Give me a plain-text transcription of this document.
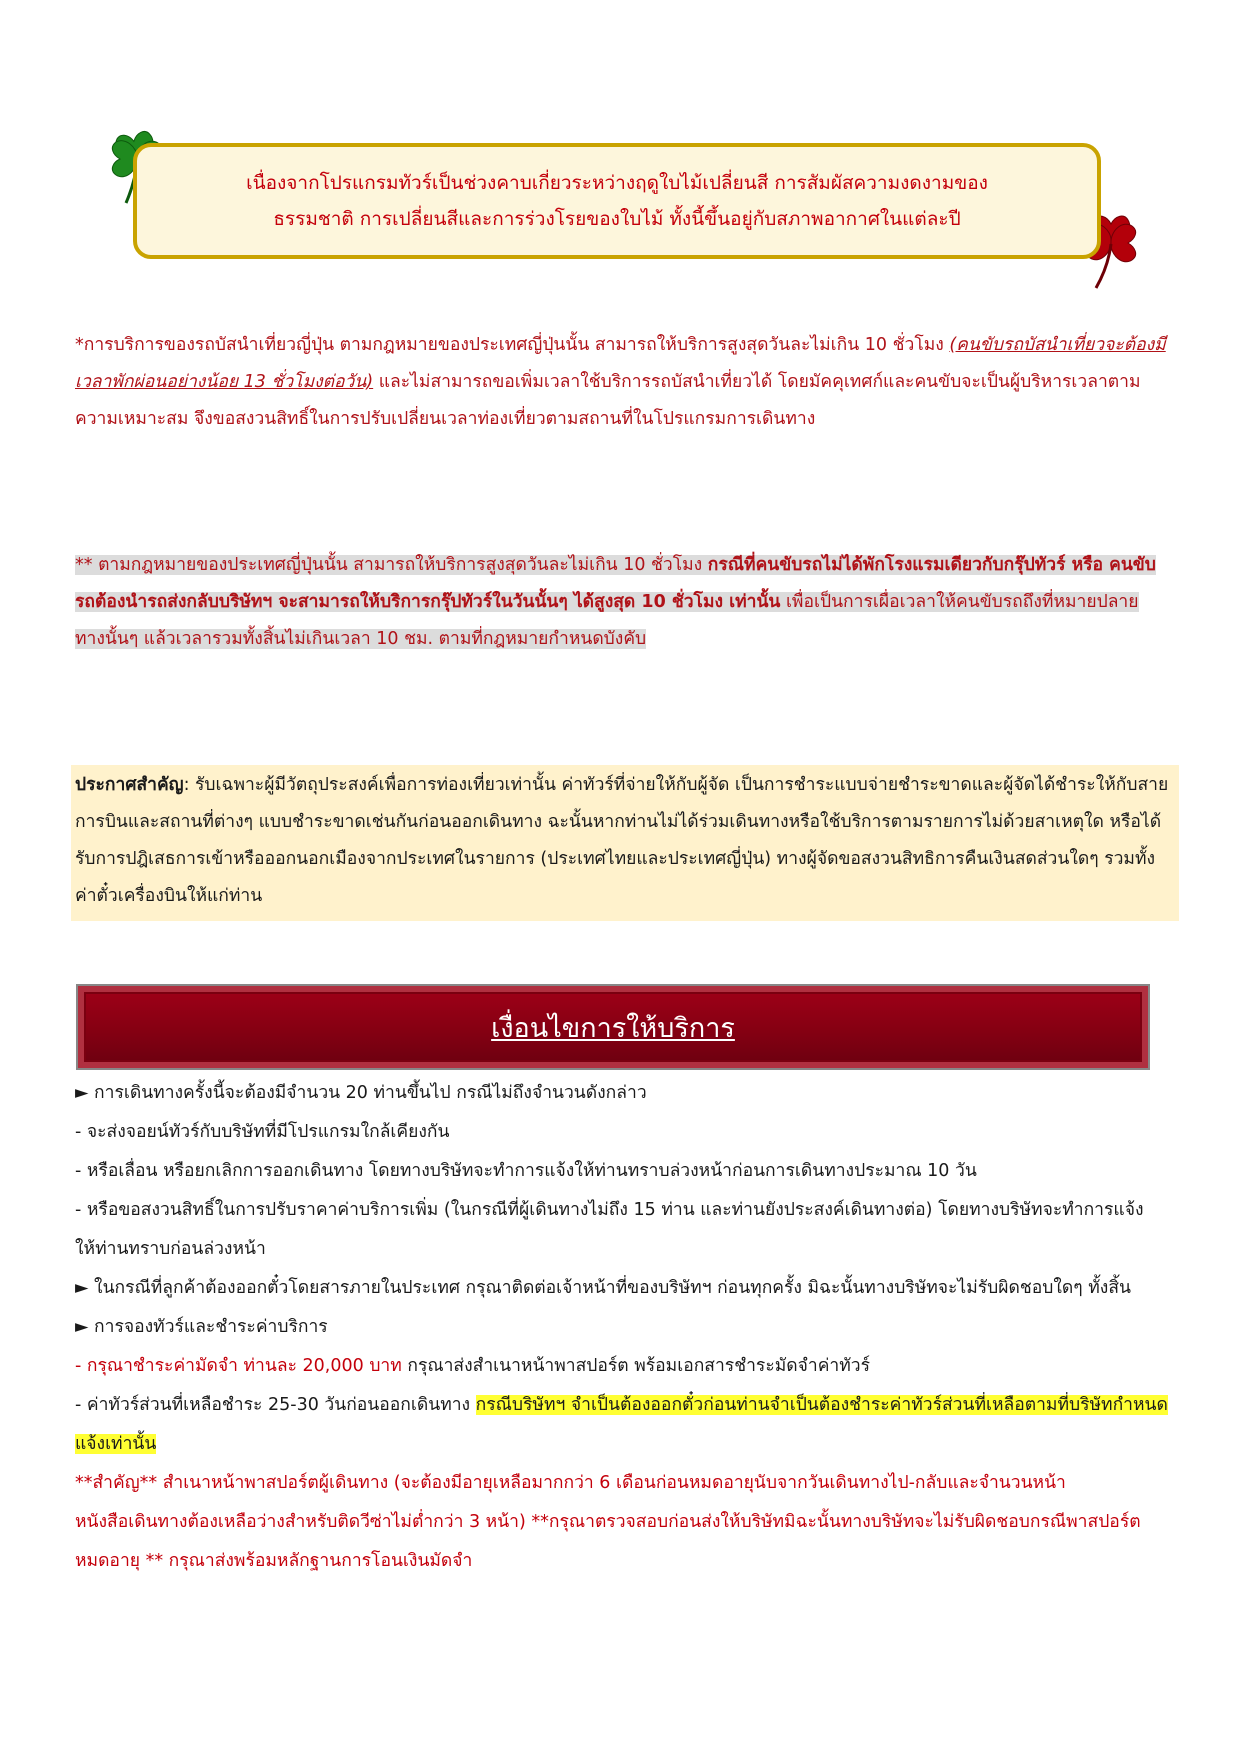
เนื่องจากโปรแกรมทัวร์เป็นช่วงคาบเกี่ยวระหว่างฤดูใบไม้เปลี่ยนสี การสัมผัสความงดงามของ
ธรรมชาติ การเปลี่ยนสีและการร่วงโรยของใบไม้ ทั้งนี้ขึ้นอยู่กับสภาพอากาศในแต่ละปี

*การบริการของรถบัสนำเที่ยวญี่ปุ่น ตามกฎหมายของประเทศญี่ปุ่นนั้น สามารถให้บริการสูงสุดวันละไม่เกิน 10 ชั่วโมง (คนขับรถบัสนำเที่ยวจะต้องมีเวลาพักผ่อนอย่างน้อย 13 ชั่วโมงต่อวัน) และไม่สามารถขอเพิ่มเวลาใช้บริการรถบัสนำเที่ยวได้ โดยมัคคุเทศก์และคนขับจะเป็นผู้บริหารเวลาตามความเหมาะสม จึงขอสงวนสิทธิ์ในการปรับเปลี่ยนเวลาท่องเที่ยวตามสถานที่ในโปรแกรมการเดินทาง

** ตามกฎหมายของประเทศญี่ปุ่นนั้น สามารถให้บริการสูงสุดวันละไม่เกิน 10 ชั่วโมง กรณีที่คนขับรถไม่ได้พักโรงแรมเดียวกับกรุ๊ปทัวร์ หรือ คนขับรถต้องนำรถส่งกลับบริษัทฯ จะสามารถให้บริการกรุ๊ปทัวร์ในวันนั้นๆ ได้สูงสุด 10 ชั่วโมง เท่านั้น เพื่อเป็นการเผื่อเวลาให้คนขับรถถึงที่หมายปลายทางนั้นๆ แล้วเวลารวมทั้งสิ้นไม่เกินเวลา 10 ชม. ตามที่กฎหมายกำหนดบังคับ

ประกาศสำคัญ: รับเฉพาะผู้มีวัตถุประสงค์เพื่อการท่องเที่ยวเท่านั้น ค่าทัวร์ที่จ่ายให้กับผู้จัด เป็นการชำระแบบจ่ายชำระขาดและผู้จัดได้ชำระให้กับสายการบินและสถานที่ต่างๆ แบบชำระขาดเช่นกันก่อนออกเดินทาง ฉะนั้นหากท่านไม่ได้ร่วมเดินทางหรือใช้บริการตามรายการไม่ด้วยสาเหตุใด หรือได้รับการปฎิเสธการเข้าหรือออกนอกเมืองจากประเทศในรายการ (ประเทศไทยและประเทศญี่ปุ่น) ทางผู้จัดขอสงวนสิทธิการคืนเงินสดส่วนใดๆ รวมทั้งค่าตั๋วเครื่องบินให้แก่ท่าน

เงื่อนไขการให้บริการ
► การเดินทางครั้งนี้จะต้องมีจำนวน 20 ท่านขึ้นไป กรณีไม่ถึงจำนวนดังกล่าว
- จะส่งจอยน์ทัวร์กับบริษัทที่มีโปรแกรมใกล้เคียงกัน
- หรือเลื่อน หรือยกเลิกการออกเดินทาง โดยทางบริษัทจะทำการแจ้งให้ท่านทราบล่วงหน้าก่อนการเดินทางประมาณ 10 วัน
- หรือขอสงวนสิทธิ์ในการปรับราคาค่าบริการเพิ่ม (ในกรณีที่ผู้เดินทางไม่ถึง 15 ท่าน และท่านยังประสงค์เดินทางต่อ) โดยทางบริษัทจะทำการแจ้งให้ท่านทราบก่อนล่วงหน้า
► ในกรณีที่ลูกค้าต้องออกตั๋วโดยสารภายในประเทศ กรุณาติดต่อเจ้าหน้าที่ของบริษัทฯ ก่อนทุกครั้ง มิฉะนั้นทางบริษัทจะไม่รับผิดชอบใดๆ ทั้งสิ้น
► การจองทัวร์และชำระค่าบริการ
- กรุณาชำระค่ามัดจำ ท่านละ 20,000 บาท กรุณาส่งสำเนาหน้าพาสปอร์ต พร้อมเอกสารชำระมัดจำค่าทัวร์
- ค่าทัวร์ส่วนที่เหลือชำระ 25-30 วันก่อนออกเดินทาง กรณีบริษัทฯ จำเป็นต้องออกตั๋วก่อนท่านจำเป็นต้องชำระค่าทัวร์ส่วนที่เหลือตามที่บริษัทกำหนดแจ้งเท่านั้น
**สำคัญ** สำเนาหน้าพาสปอร์ตผู้เดินทาง (จะต้องมีอายุเหลือมากกว่า 6 เดือนก่อนหมดอายุนับจากวันเดินทางไป-กลับและจำนวนหน้าหนังสือเดินทางต้องเหลือว่างสำหรับติดวีซ่าไม่ต่ำกว่า 3 หน้า) **กรุณาตรวจสอบก่อนส่งให้บริษัทมิฉะนั้นทางบริษัทจะไม่รับผิดชอบกรณีพาสปอร์ตหมดอายุ ** กรุณาส่งพร้อมหลักฐานการโอนเงินมัดจำ
